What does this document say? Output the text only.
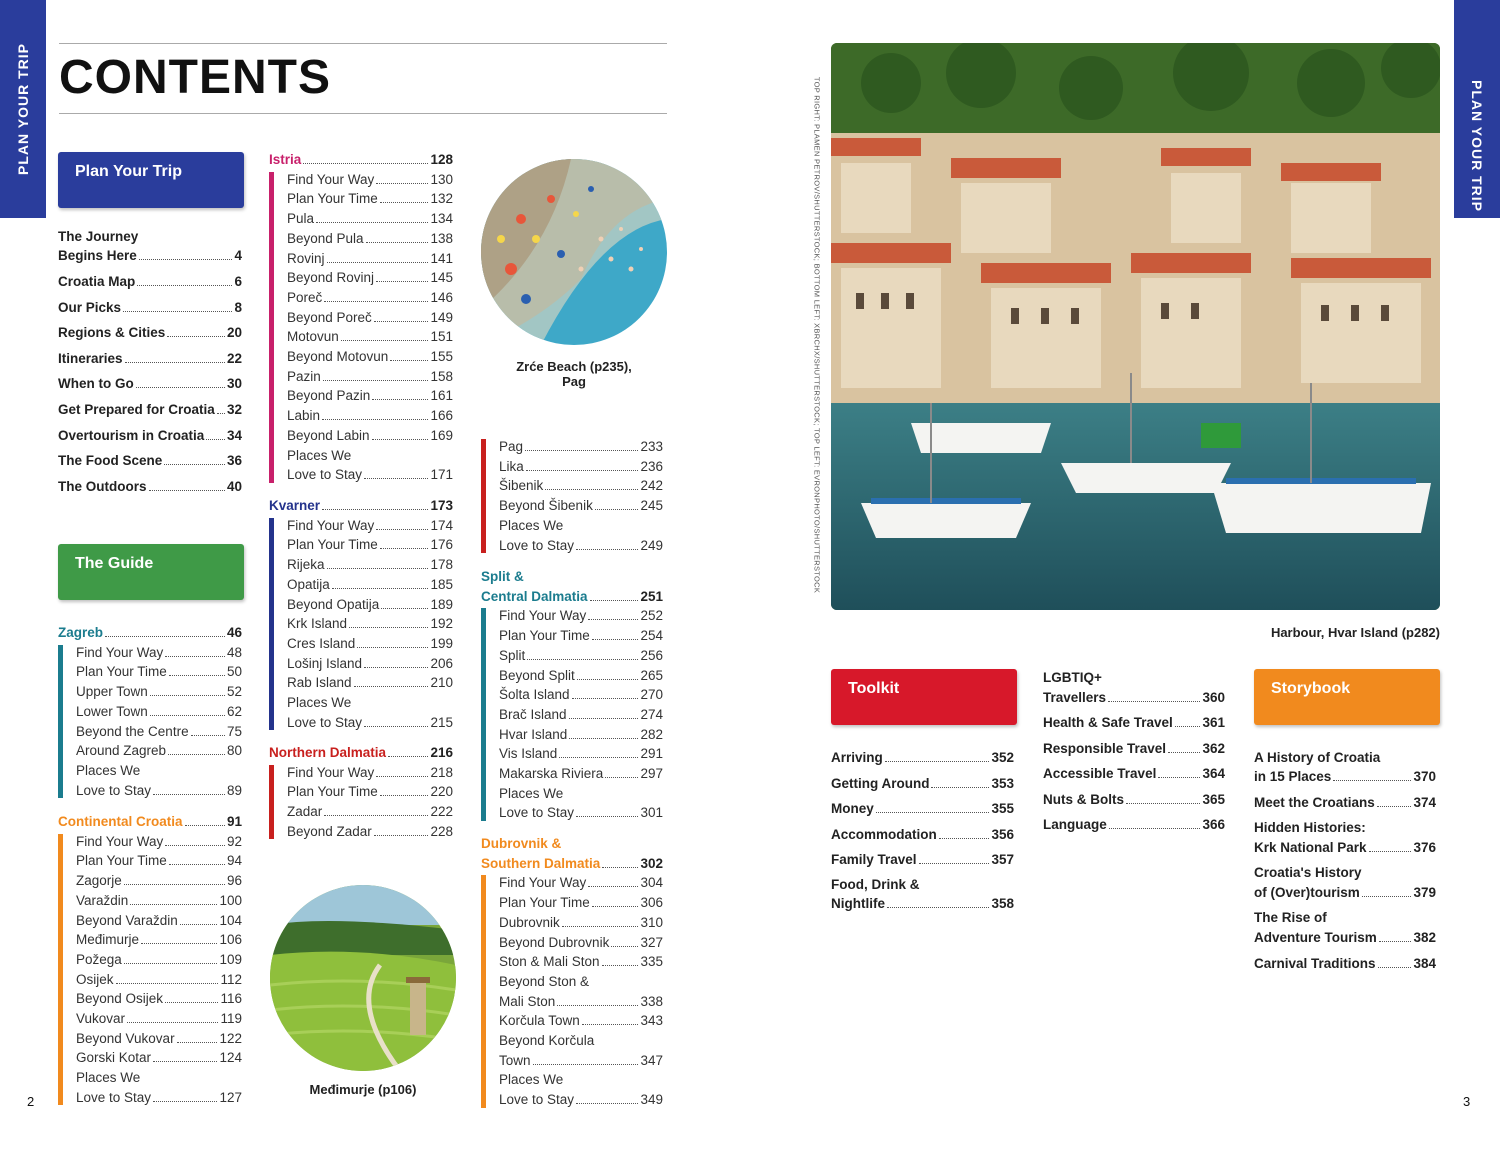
PLAN YOUR TRIP	PLAN YOUR TRIP
CONTENTS
Plan Your Trip
The Journey
Begins Here	4
Croatia Map	6
Our Picks	8
Regions & Cities	20
Itineraries	22
When to Go	30
Get Prepared for Croatia 32
Overtourism in Croatia 34
The Food Scene	36
The Outdoors	40
The Guide
Zagreb	46
Find Your Way	48
Plan Your Time	50
Upper Town	52
Lower Town	62
Beyond the Centre	75
Around Zagreb	80
Places We
Love to Stay	89
Continental Croatia	91
Find Your Way	92
Plan Your Time	94
Zagorje	96
Varaždin	100
Beyond Varaždin	104
Međimurje	106
Požega	109
Osijek	112
Beyond Osijek	116
Vukovar	119
Beyond Vukovar	122
Gorski Kotar	124
Places We
Love to Stay	127
Istria	128
Find Your Way	130
Plan Your Time	132
Pula	134
Beyond Pula	138
Rovinj	141
Beyond Rovinj	145
Poreč	146
Beyond Poreč	149
Motovun	151
Beyond Motovun	155
Pazin	158
Beyond Pazin	161
Labin	166
Beyond Labin	169
Places We
Love to Stay	171
Kvarner	173
Find Your Way	174
Plan Your Time	176
Rijeka	178
Opatija	185
Beyond Opatija	189
Krk Island	192
Cres Island	199
Lošinj Island	206
Rab Island	210
Places We
Love to Stay	215
Northern Dalmatia	216
Find Your Way	218
Plan Your Time	220
Zadar	222
Beyond Zadar	228
Pag	233
Lika	236
Šibenik	242
Beyond Šibenik	245
Places We
Love to Stay	249
Split &
Central Dalmatia	251
Find Your Way	252
Plan Your Time	254
Split	256
Beyond Split	265
Šolta Island	270
Brač Island	274
Hvar Island	282
Vis Island	291
Makarska Riviera	297
Places We
Love to Stay	301
Dubrovnik &
Southern Dalmatia	302
Find Your Way	304
Plan Your Time	306
Dubrovnik	310
Beyond Dubrovnik 327
Ston & Mali Ston	335
Beyond Ston &
Mali Ston	338
Korčula Town	343
Beyond Korčula
Town	347
Places We
Love to Stay	349
Zrće Beach (p235),
Pag
Međimurje (p106)
TOP RIGHT: PLAMEN PETROV/SHUTTERSTOCK; BOTTOM LEFT: XBRCHX/SHUTTERSTOCK; TOP LEFT: EVRONPHOTO/SHUTTERSTOCK
Harbour, Hvar Island (p282)
Toolkit
Arriving	352
Getting Around	353
Money	355
Accommodation	356
Family Travel	357
Food, Drink &
Nightlife	358
LGBTIQ+
Travellers	360
Health & Safe Travel 361
Responsible Travel	362
Accessible Travel	364
Nuts & Bolts	365
Language	366
Storybook
A History of Croatia
in 15 Places	370
Meet the Croatians	374
Hidden Histories:
Krk National Park	376
Croatia's History
of (Over)tourism	379
The Rise of
Adventure Tourism	382
Carnival Traditions	384
2	3
